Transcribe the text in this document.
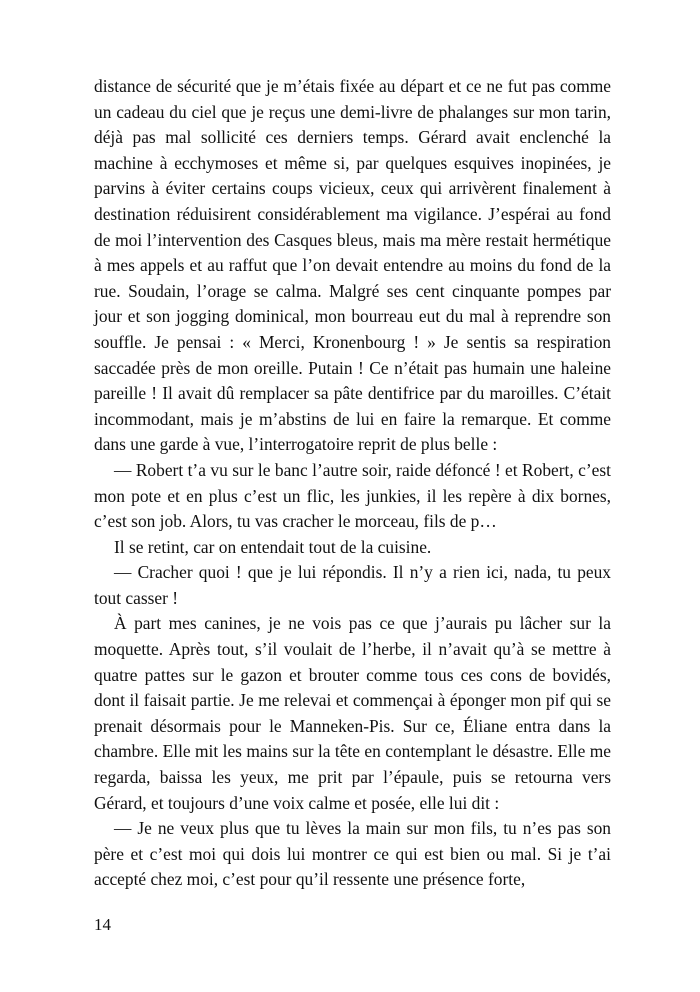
distance de sécurité que je m’étais fixée au départ et ce ne fut pas comme un cadeau du ciel que je reçus une demi-livre de phalanges sur mon tarin, déjà pas mal sollicité ces derniers temps. Gérard avait enclenché la machine à ecchymoses et même si, par quelques esquives inopinées, je parvins à éviter certains coups vicieux, ceux qui arrivèrent finalement à destination réduisirent considérablement ma vigilance. J’espérai au fond de moi l’intervention des Casques bleus, mais ma mère restait hermétique à mes appels et au raffut que l’on devait entendre au moins du fond de la rue. Soudain, l’orage se calma. Malgré ses cent cinquante pompes par jour et son jogging dominical, mon bourreau eut du mal à reprendre son souffle. Je pensai : « Merci, Kronenbourg ! » Je sentis sa respiration saccadée près de mon oreille. Putain ! Ce n’était pas humain une haleine pareille ! Il avait dû remplacer sa pâte dentifrice par du maroilles. C’était incommodant, mais je m’abstins de lui en faire la remarque. Et comme dans une garde à vue, l’interrogatoire reprit de plus belle :

— Robert t’a vu sur le banc l’autre soir, raide défoncé ! et Robert, c’est mon pote et en plus c’est un flic, les junkies, il les repère à dix bornes, c’est son job. Alors, tu vas cracher le morceau, fils de p…

Il se retint, car on entendait tout de la cuisine.

— Cracher quoi ! que je lui répondis. Il n’y a rien ici, nada, tu peux tout casser !

À part mes canines, je ne vois pas ce que j’aurais pu lâcher sur la moquette. Après tout, s’il voulait de l’herbe, il n’avait qu’à se mettre à quatre pattes sur le gazon et brouter comme tous ces cons de bovidés, dont il faisait partie. Je me relevai et commençai à éponger mon pif qui se prenait désormais pour le Manneken-Pis. Sur ce, Éliane entra dans la chambre. Elle mit les mains sur la tête en contemplant le désastre. Elle me regarda, baissa les yeux, me prit par l’épaule, puis se retourna vers Gérard, et toujours d’une voix calme et posée, elle lui dit :

— Je ne veux plus que tu lèves la main sur mon fils, tu n’es pas son père et c’est moi qui dois lui montrer ce qui est bien ou mal. Si je t’ai accepté chez moi, c’est pour qu’il ressente une présence forte,

14
